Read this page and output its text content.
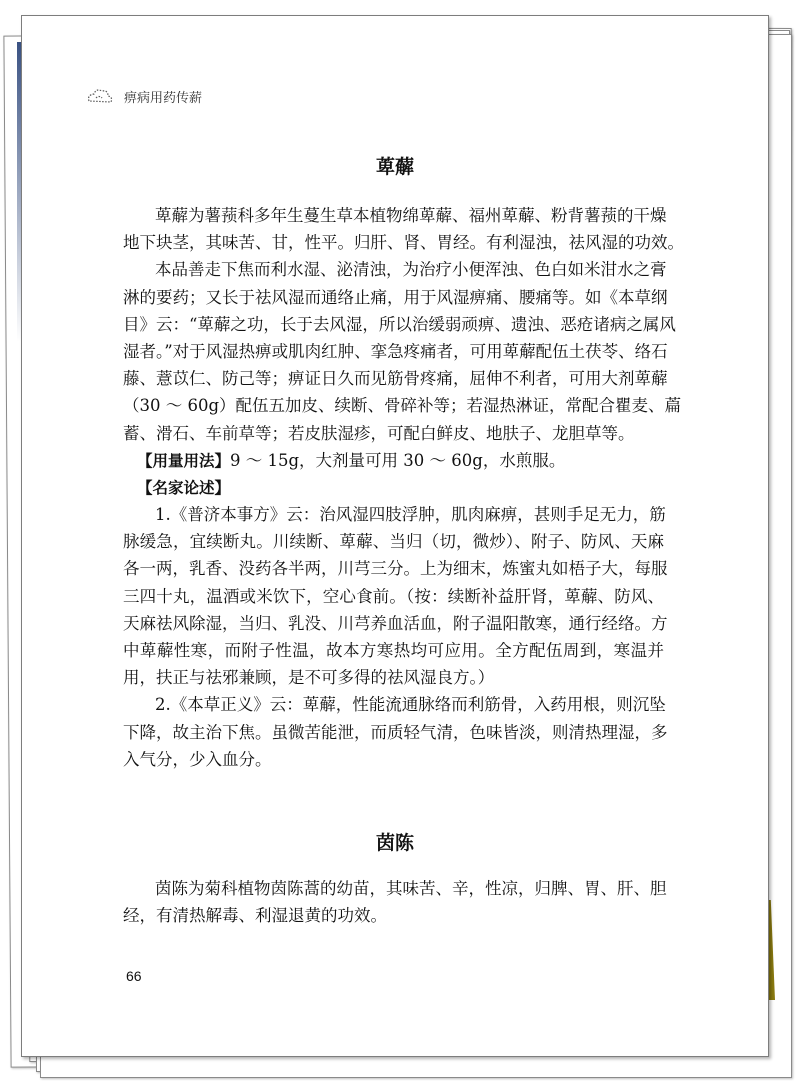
痹病用药传薪
萆薢
萆薢为薯蓣科多年生蔓生草本植物绵萆薢、福州萆薢、粉背薯蓣的干燥
地下块茎，其味苦、甘，性平。归肝、肾、胃经。有利湿浊，祛风湿的功效。
本品善走下焦而利水湿、泌清浊，为治疗小便浑浊、色白如米泔水之膏
淋的要药；又长于祛风湿而通络止痛，用于风湿痹痛、腰痛等。如《本草纲
目》云：“萆薢之功，长于去风湿，所以治缓弱顽痹、遗浊、恶疮诸病之属风
湿者。”对于风湿热痹或肌肉红肿、挛急疼痛者，可用萆薢配伍土茯苓、络石
藤、薏苡仁、防己等；痹证日久而见筋骨疼痛，屈伸不利者，可用大剂萆薢
（30 ～ 60g）配伍五加皮、续断、骨碎补等；若湿热淋证，常配合瞿麦、萹
蓄、滑石、车前草等；若皮肤湿疹，可配白鲜皮、地肤子、龙胆草等。
【用量用法】9 ～ 15g，大剂量可用 30 ～ 60g，水煎服。
【名家论述】
1.《普济本事方》云：治风湿四肢浮肿，肌肉麻痹，甚则手足无力，筋
脉缓急，宜续断丸。川续断、萆薢、当归（切，微炒）、附子、防风、天麻
各一两，乳香、没药各半两，川芎三分。上为细末，炼蜜丸如梧子大，每服
三四十丸，温酒或米饮下，空心食前。（按：续断补益肝肾，萆薢、防风、
天麻祛风除湿，当归、乳没、川芎养血活血，附子温阳散寒，通行经络。方
中萆薢性寒，而附子性温，故本方寒热均可应用。全方配伍周到，寒温并
用，扶正与祛邪兼顾，是不可多得的祛风湿良方。）
2.《本草正义》云：萆薢，性能流通脉络而利筋骨，入药用根，则沉坠
下降，故主治下焦。虽微苦能泄，而质轻气清，色味皆淡，则清热理湿，多
入气分，少入血分。
茵陈
茵陈为菊科植物茵陈蒿的幼苗，其味苦、辛，性凉，归脾、胃、肝、胆
经，有清热解毒、利湿退黄的功效。
66
